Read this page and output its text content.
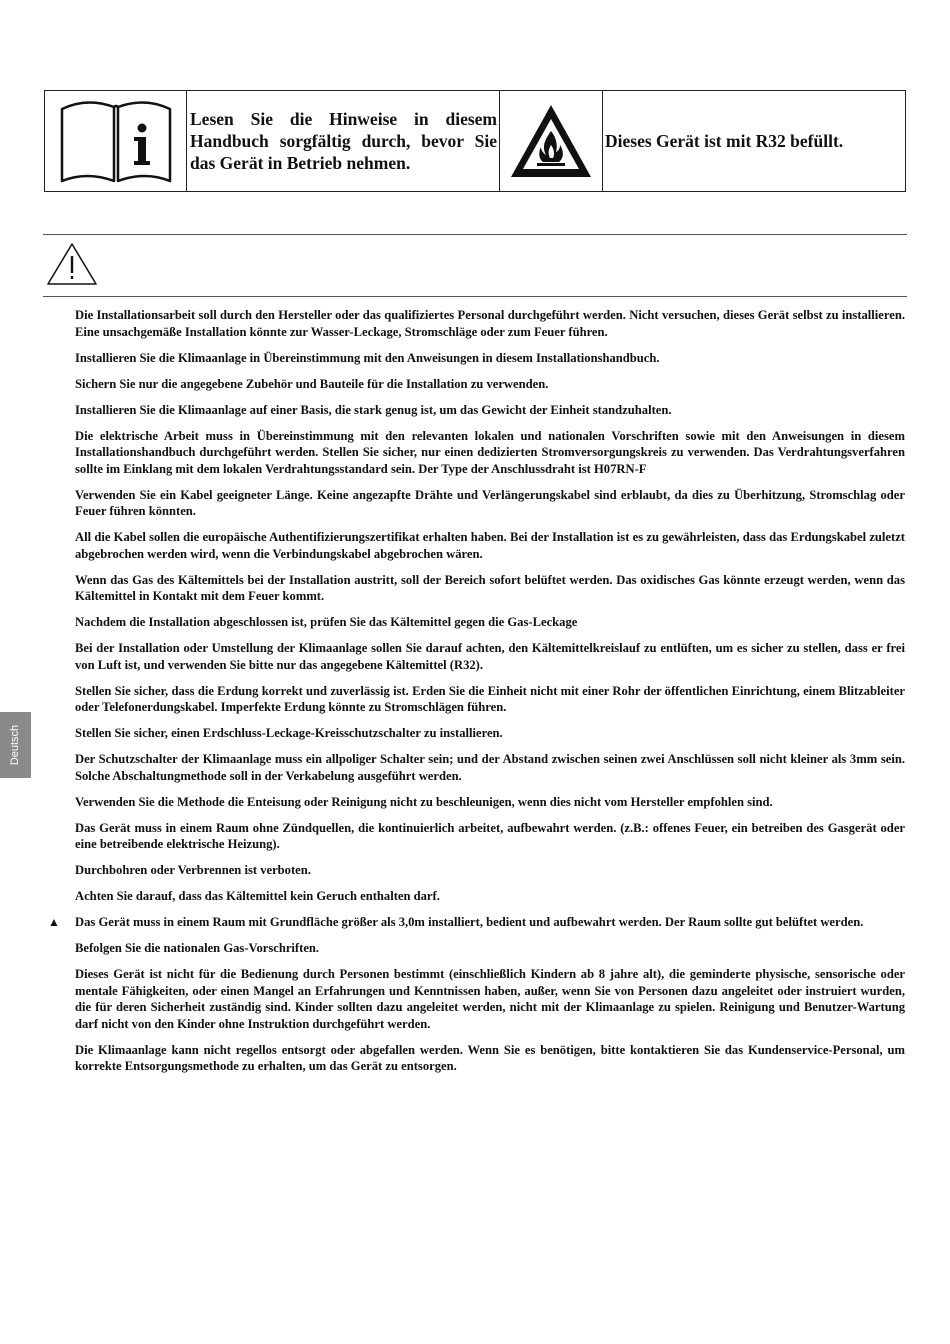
Lesen Sie die Hinweise in diesem Handbuch sorgfältig durch, bevor Sie das Gerät in Betrieb nehmen.
Dieses Gerät ist mit R32 befüllt.

Die Installationsarbeit soll durch den Hersteller oder das qualifiziertes Personal durchgeführt werden. Nicht versuchen, dieses Gerät selbst zu installieren. Eine unsachgemäße Installation könnte zur Wasser-Leckage, Stromschläge oder zum Feuer führen.

Installieren Sie die Klimaanlage in Übereinstimmung mit den Anweisungen in diesem Installationshandbuch.

Sichern Sie nur die angegebene Zubehör und Bauteile für die Installation zu verwenden.

Installieren Sie die Klimaanlage auf einer Basis, die stark genug ist, um das Gewicht der Einheit standzuhalten.

Die elektrische Arbeit muss in Übereinstimmung mit den relevanten lokalen und nationalen Vorschriften sowie mit den Anweisungen in diesem Installationshandbuch durchgeführt werden. Stellen Sie sicher, nur einen dedizierten Stromversorgungskreis zu verwenden. Das Verdrahtungsverfahren sollte im Einklang mit dem lokalen Verdrahtungsstandard sein. Der Type der Anschlussdraht ist H07RN-F

Verwenden Sie ein Kabel geeigneter Länge. Keine angezapfte Drähte und Verlängerungskabel sind erblaubt, da dies zu Überhitzung, Stromschlag oder Feuer führen könnten.

All die Kabel sollen die europäische Authentifizierungszertifikat erhalten haben. Bei der Installation ist es zu gewährleisten, dass das Erdungskabel zuletzt abgebrochen werden wird, wenn die Verbindungskabel abgebrochen wären.

Wenn das Gas des Kältemittels bei der Installation austritt, soll der Bereich sofort belüftet werden. Das oxidisches Gas könnte erzeugt werden, wenn das Kältemittel in Kontakt mit dem Feuer kommt.

Nachdem die Installation abgeschlossen ist, prüfen Sie das Kältemittel gegen die Gas-Leckage

Bei der Installation oder Umstellung der Klimaanlage sollen Sie darauf achten, den Kältemittelkreislauf zu entlüften, um es sicher zu stellen, dass er frei von Luft ist, und verwenden Sie bitte nur das angegebene Kältemittel (R32).

Stellen Sie sicher, dass die Erdung korrekt und zuverlässig ist. Erden Sie die Einheit nicht mit einer Rohr der öffentlichen Einrichtung, einem Blitzableiter oder Telefonerdungskabel. Imperfekte Erdung könnte zu Stromschlägen führen.

Stellen Sie sicher, einen Erdschluss-Leckage-Kreisschutzschalter zu installieren.

Der Schutzschalter der Klimaanlage muss ein allpoliger Schalter sein; und der Abstand zwischen seinen zwei Anschlüssen soll nicht kleiner als 3mm sein. Solche Abschaltungmethode soll in der Verkabelung ausgeführt werden.

Verwenden Sie die Methode die Enteisung oder Reinigung nicht zu beschleunigen, wenn dies nicht vom Hersteller empfohlen sind.

Das Gerät muss in einem Raum ohne Zündquellen, die kontinuierlich arbeitet, aufbewahrt werden. (z.B.: offenes Feuer, ein betreiben des Gasgerät oder eine betreibende elektrische Heizung).

Durchbohren oder Verbrennen ist verboten.

Achten Sie darauf, dass das Kältemittel kein Geruch enthalten darf.

▲ Das Gerät muss in einem Raum mit Grundfläche größer als 3,0m installiert, bedient und aufbewahrt werden. Der Raum sollte gut belüftet werden.

Befolgen Sie die nationalen Gas-Vorschriften.

Dieses Gerät ist nicht für die Bedienung durch Personen bestimmt (einschließlich Kindern ab 8 jahre alt), die geminderte physische, sensorische oder mentale Fähigkeiten, oder einen Mangel an Erfahrungen und Kenntnissen haben, außer, wenn Sie von Personen dazu angeleitet oder instruiert wurden, die für deren Sicherheit zuständig sind. Kinder sollten dazu angeleitet werden, nicht mit der Klimaanlage zu spielen. Reinigung und Benutzer-Wartung darf nicht von den Kinder ohne Instruktion durchgeführt werden.

Die Klimaanlage kann nicht regellos entsorgt oder abgefallen werden. Wenn Sie es benötigen, bitte kontaktieren Sie das Kundenservice-Personal, um korrekte Entsorgungsmethode zu erhalten, um das Gerät zu entsorgen.

Deutsch
